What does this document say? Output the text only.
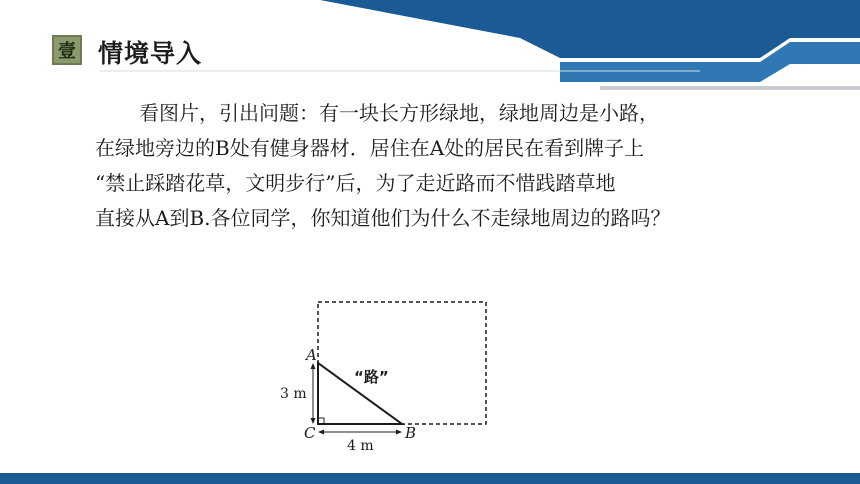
壹 情境导入
看图片，引出问题：有一块长方形绿地，绿地周边是小路，
在绿地旁边的B处有健身器材．居住在A处的居民在看到牌子上
“禁止踩踏花草，文明步行”后，为了走近路而不惜践踏草地
直接从A到B.各位同学，你知道他们为什么不走绿地周边的路吗？
A
C	B
3 m
4 m
“路”
